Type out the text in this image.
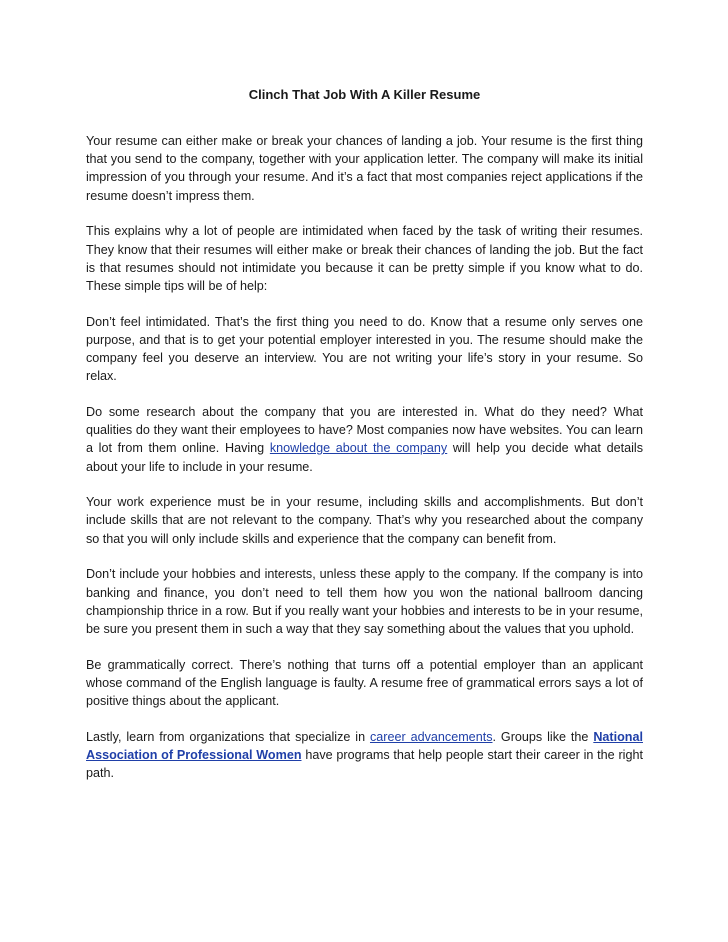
Clinch That Job With A Killer Resume

Your resume can either make or break your chances of landing a job. Your resume is the first thing that you send to the company, together with your application letter. The company will make its initial impression of you through your resume. And it’s a fact that most companies reject applications if the resume doesn’t impress them.

This explains why a lot of people are intimidated when faced by the task of writing their resumes. They know that their resumes will either make or break their chances of landing the job. But the fact is that resumes should not intimidate you because it can be pretty simple if you know what to do. These simple tips will be of help:

Don’t feel intimidated. That’s the first thing you need to do. Know that a resume only serves one purpose, and that is to get your potential employer interested in you. The resume should make the company feel you deserve an interview. You are not writing your life’s story in your resume. So relax.

Do some research about the company that you are interested in. What do they need? What qualities do they want their employees to have? Most companies now have websites. You can learn a lot from them online. Having knowledge about the company will help you decide what details about your life to include in your resume.

Your work experience must be in your resume, including skills and accomplishments. But don’t include skills that are not relevant to the company. That’s why you researched about the company so that you will only include skills and experience that the company can benefit from.

Don’t include your hobbies and interests, unless these apply to the company. If the company is into banking and finance, you don’t need to tell them how you won the national ballroom dancing championship thrice in a row. But if you really want your hobbies and interests to be in your resume, be sure you present them in such a way that they say something about the values that you uphold.

Be grammatically correct. There’s nothing that turns off a potential employer than an applicant whose command of the English language is faulty. A resume free of grammatical errors says a lot of positive things about the applicant.

Lastly, learn from organizations that specialize in career advancements. Groups like the National Association of Professional Women have programs that help people start their career in the right path.
